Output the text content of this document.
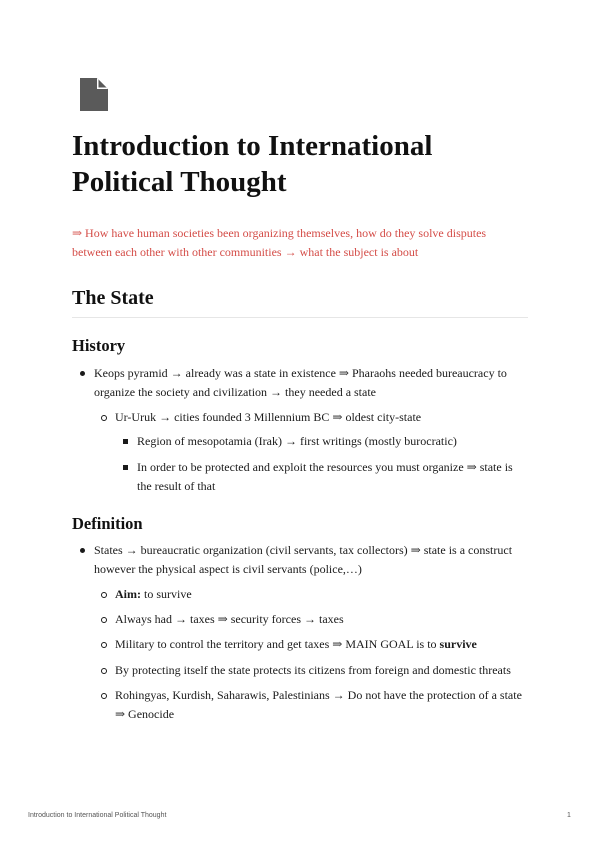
Introduction to International Political Thought

⇒ How have human societies been organizing themselves, how do they solve disputes between each other with other communities → what the subject is about

The State
History
Keops pyramid → already was a state in existence ⇒ Pharaohs needed bureaucracy to organize the society and civilization → they needed a state
Ur-Uruk → cities founded 3 Millennium BC ⇒ oldest city-state
Region of mesopotamia (Irak) → first writings (mostly burocratic)
In order to be protected and exploit the resources you must organize ⇒ state is the result of that
Definition
States → bureaucratic organization (civil servants, tax collectors) ⇒ state is a construct however the physical aspect is civil servants (police,…)
Aim: to survive
Always had → taxes ⇒ security forces → taxes
Military to control the territory and get taxes ⇒ MAIN GOAL is to survive
By protecting itself the state protects its citizens from foreign and domestic threats
Rohingyas, Kurdish, Saharawis, Palestinians → Do not have the protection of a state ⇒ Genocide
Introduction to International Political Thought	1
